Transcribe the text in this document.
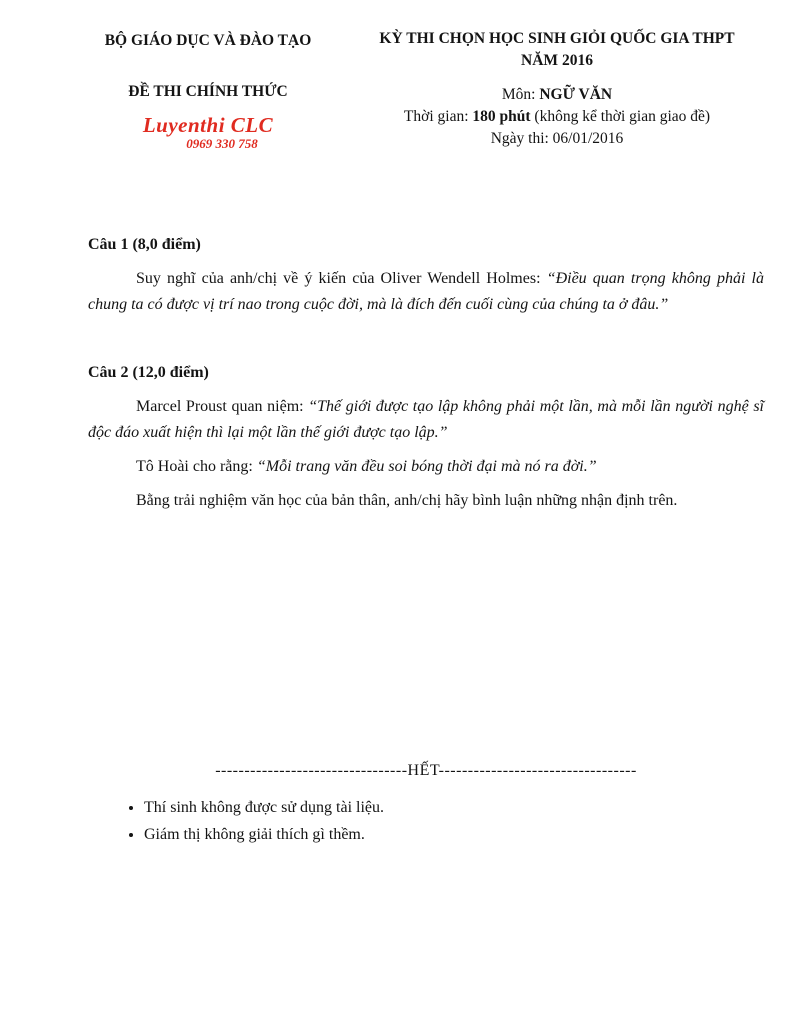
BỘ GIÁO DỤC VÀ ĐÀO TẠO
ĐỀ THI CHÍNH THỨC
Luyenthi CLC
0969 330 758
KỲ THI CHỌN HỌC SINH GIỎI QUỐC GIA THPT
NĂM 2016
Môn: NGỮ VĂN
Thời gian: 180 phút (không kể thời gian giao đề)
Ngày thi: 06/01/2016
Câu 1 (8,0 điểm)

Suy nghĩ của anh/chị về ý kiến của Oliver Wendell Holmes: “Điều quan trọng không phải là chung ta có được vị trí nao trong cuộc đời, mà là đích đến cuối cùng của chúng ta ở đâu.”

Câu 2 (12,0 điểm)

Marcel Proust quan niệm: “Thế giới được tạo lập không phải một lần, mà mỗi lần người nghệ sĩ độc đáo xuất hiện thì lại một lần thế giới được tạo lập.”

Tô Hoài cho rằng: “Mỗi trang văn đều soi bóng thời đại mà nó ra đời.”

Bằng trải nghiệm văn học của bản thân, anh/chị hãy bình luận những nhận định trên.

---------------------------------HẾT----------------------------------
• Thí sinh không được sử dụng tài liệu.
• Giám thị không giải thích gì thềm.
